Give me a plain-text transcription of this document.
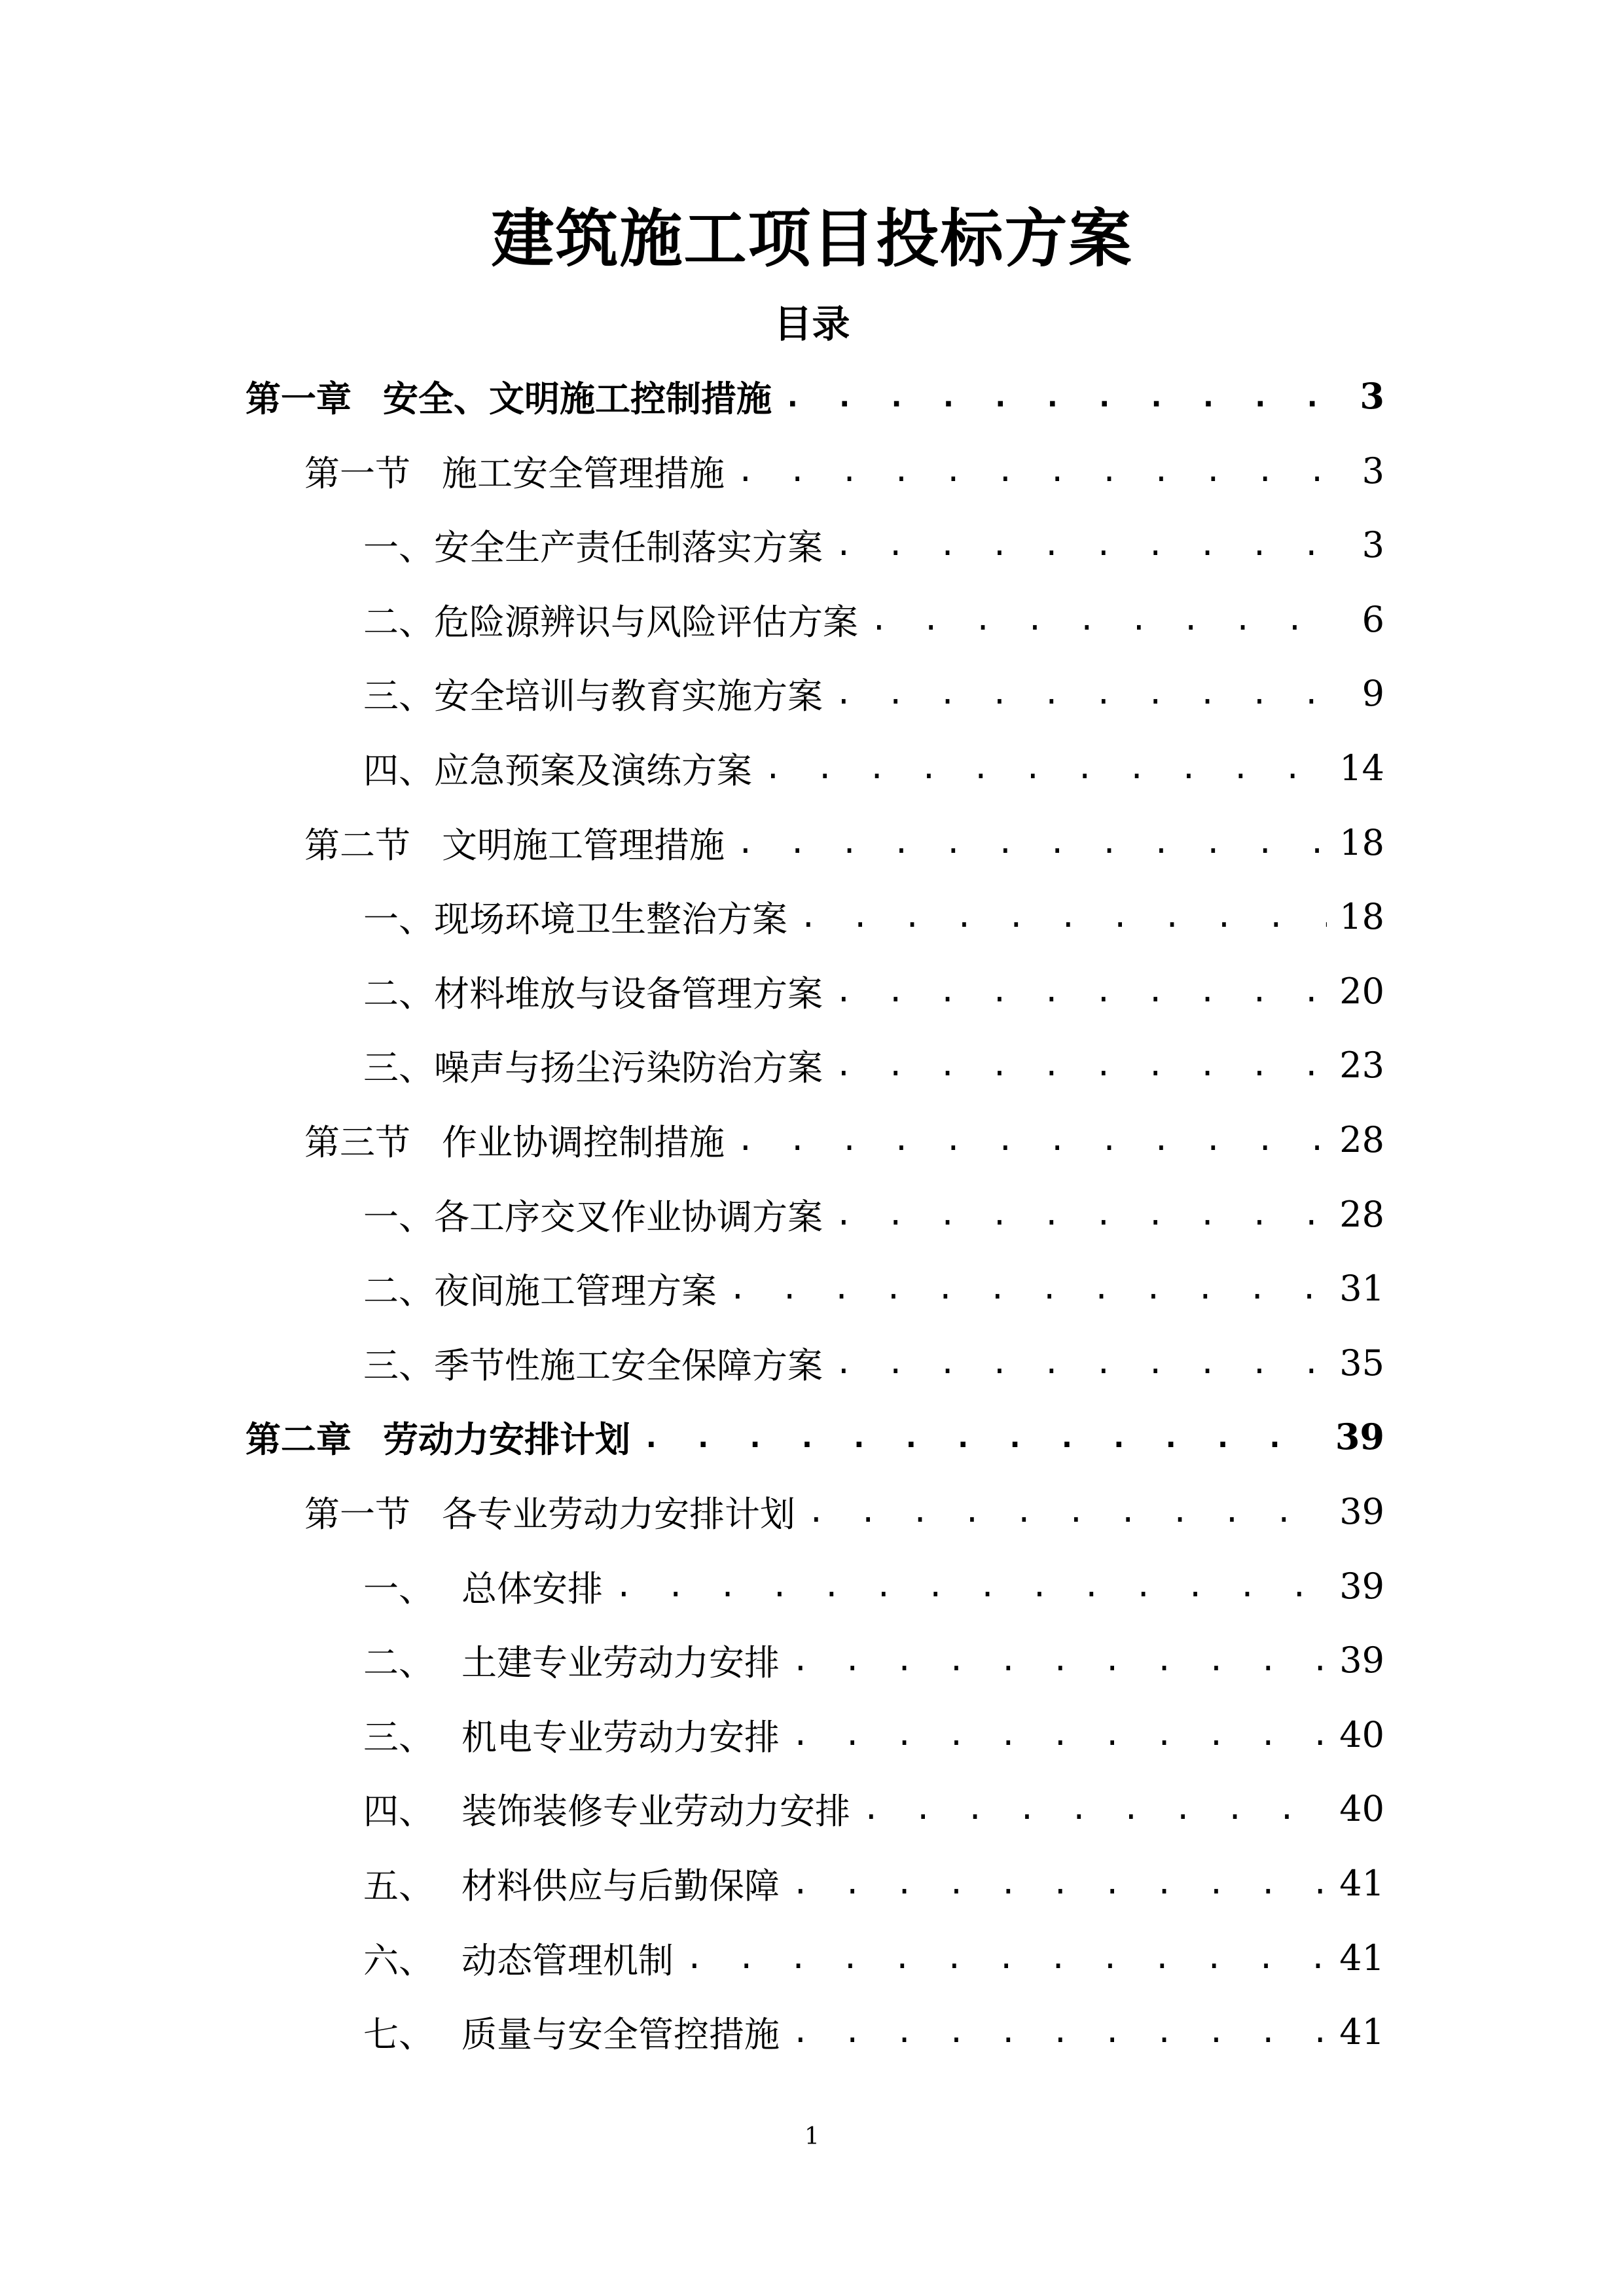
建筑施工项目投标方案
目录
第一章 安全、文明施工控制措施 . . .	3
第一节 施工安全管理措施 . . .	3
一、安全生产责任制落实方案 . . .	3
二、危险源辨识与风险评估方案 . . .	6
三、安全培训与教育实施方案 . . .	9
四、应急预案及演练方案 . . .	14
第二节 文明施工管理措施 . . .	18
一、现场环境卫生整治方案 . . .	18
二、材料堆放与设备管理方案 . . .	20
三、噪声与扬尘污染防治方案 . . .	23
第三节 作业协调控制措施 . . .	28
一、各工序交叉作业协调方案 . . .	28
二、夜间施工管理方案 . . .	31
三、季节性施工安全保障方案 . . .	35
第二章 劳动力安排计划 . . .	39
第一节 各专业劳动力安排计划 . . .	39
一、 总体安排 . . .	39
二、 土建专业劳动力安排 . . .	39
三、 机电专业劳动力安排 . . .	40
四、 装饰装修专业劳动力安排 . . .	40
五、 材料供应与后勤保障 . . .	41
六、 动态管理机制 . . .	41
七、 质量与安全管控措施 . . .	41
1
